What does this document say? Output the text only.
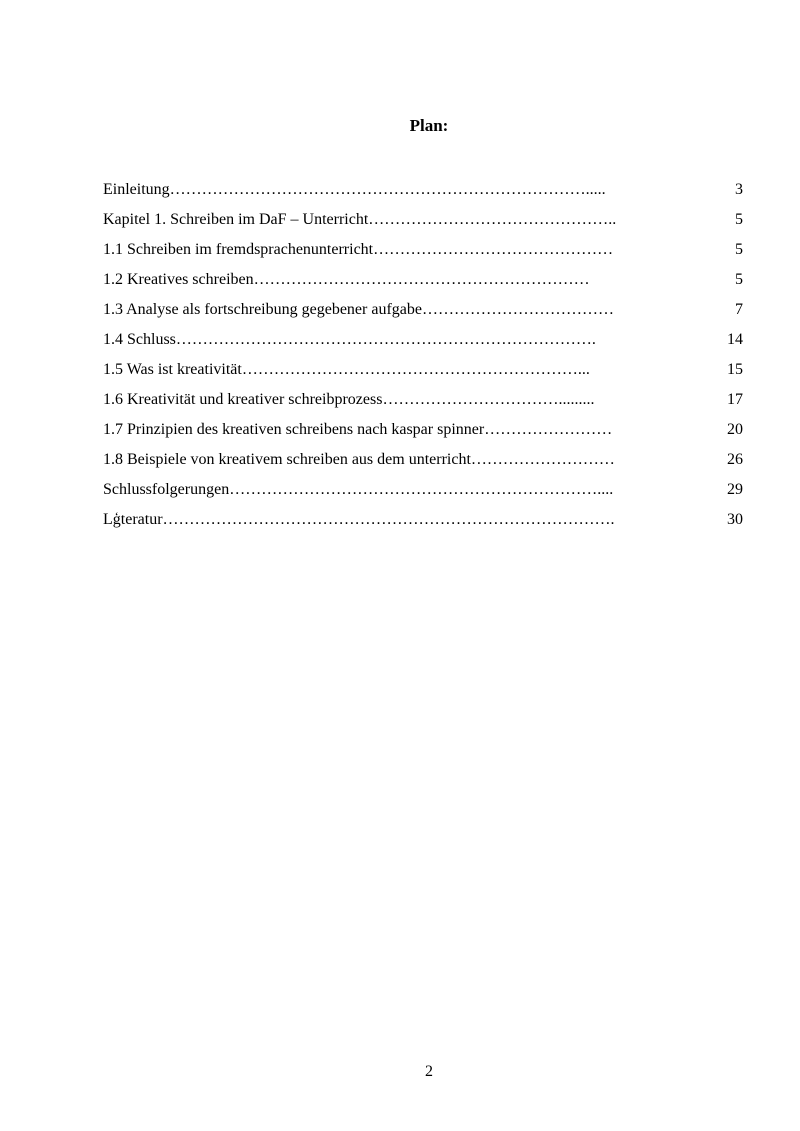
Plan:
Einleitung…………………………………………………………………….....	3
Kapitel 1. Schreiben im DaF – Unterricht………………………………………..	5
1.1 Schreiben im fremdsprachenunterricht………………………………………	5
1.2 Kreatives schreiben………………………………………………………	5
1.3 Analyse als fortschreibung gegebener aufgabe………………………………	7
1.4 Schluss…………………………………………………………………….	14
1.5 Was ist kreativität………………………………………………………...	15
1.6 Kreativität und kreativer schreibprozess…………………………….........	17
1.7 Prinzipien des kreativen schreibens nach kaspar spinner……………………	20
1.8 Beispiele von kreativem schreiben aus dem unterricht………………………	26
Schlussfolgerungen……………………………………………………………....	29
Lģteratur………………………………………………………………………….	30
2
